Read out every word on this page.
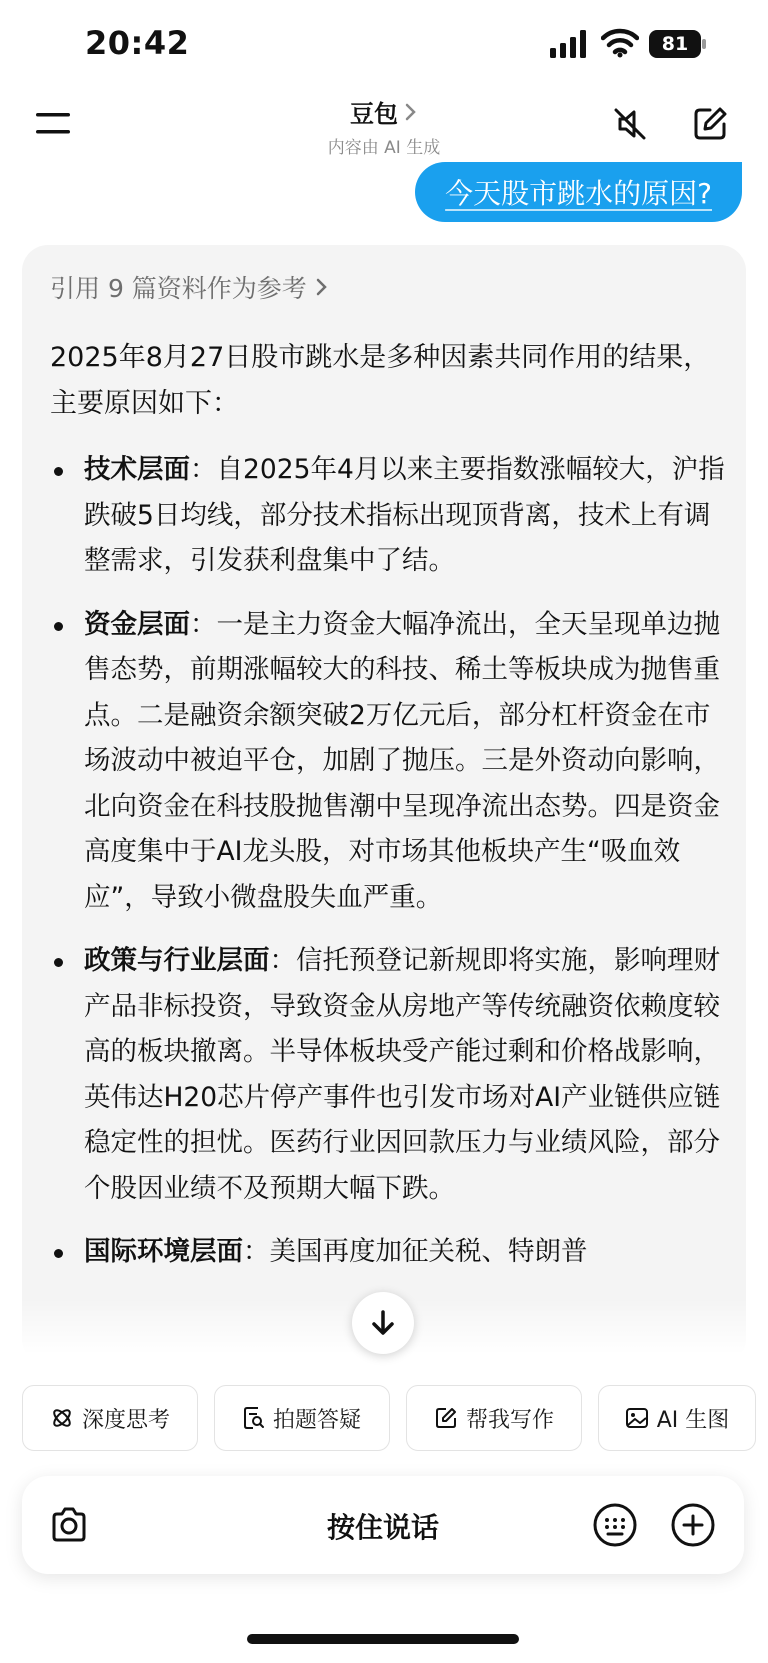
20:42	81
豆包
内容由 AI 生成
今天股市跳水的原因?
引用 9 篇资料作为参考
2025年8月27日股市跳水是多种因素共同作用的结果，主要原因如下：
技术层面：自2025年4月以来主要指数涨幅较大，沪指跌破5日均线，部分技术指标出现顶背离，技术上有调整需求，引发获利盘集中了结。
资金层面：一是主力资金大幅净流出，全天呈现单边抛售态势，前期涨幅较大的科技、稀土等板块成为抛售重点。二是融资余额突破2万亿元后，部分杠杆资金在市场波动中被迫平仓，加剧了抛压。三是外资动向影响，北向资金在科技股抛售潮中呈现净流出态势。四是资金高度集中于AI龙头股，对市场其他板块产生“吸血效应”，导致小微盘股失血严重。
政策与行业层面：信托预登记新规即将实施，影响理财产品非标投资，导致资金从房地产等传统融资依赖度较高的板块撤离。半导体板块受产能过剩和价格战影响，英伟达H20芯片停产事件也引发市场对AI产业链供应链稳定性的担忧。医药行业因回款压力与业绩风险，部分个股因业绩不及预期大幅下跌。
国际环境层面：美国再度加征关税、特朗普
深度思考	拍题答疑	帮我写作	AI 生图
按住说话
